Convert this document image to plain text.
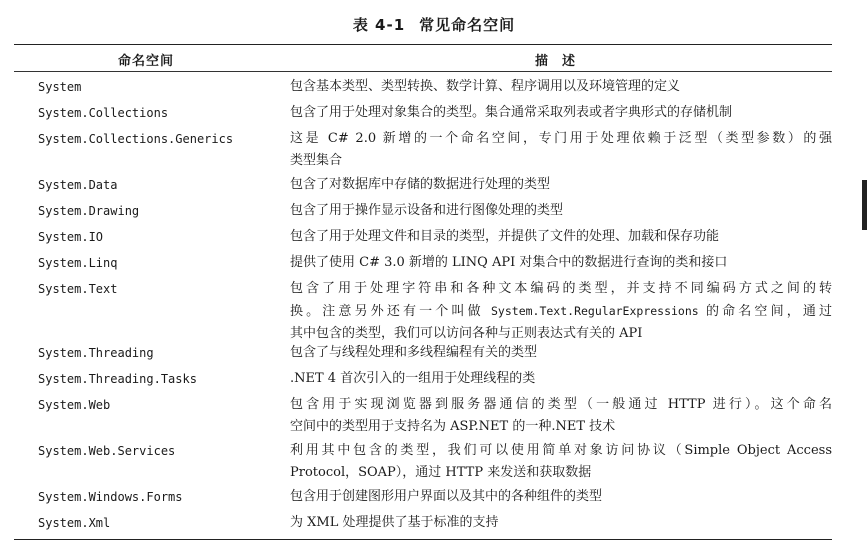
表 4-1 常见命名空间
命名空间	描述
System	包含基本类型、类型转换、数学计算、程序调用以及环境管理的定义
System.Collections	包含了用于处理对象集合的类型。集合通常采取列表或者字典形式的存储机制
System.Collections.Generics	这是 C# 2.0 新增的一个命名空间，专门用于处理依赖于泛型（类型参数）的强
类型集合
System.Data	包含了对数据库中存储的数据进行处理的类型
System.Drawing	包含了用于操作显示设备和进行图像处理的类型
System.IO	包含了用于处理文件和目录的类型，并提供了文件的处理、加载和保存功能
System.Linq	提供了使用 C# 3.0 新增的 LINQ API 对集合中的数据进行查询的类和接口
System.Text	包含了用于处理字符串和各种文本编码的类型，并支持不同编码方式之间的转
换。注意另外还有一个叫做 System.Text.RegularExpressions 的命名空间，通过
其中包含的类型，我们可以访问各种与正则表达式有关的 API
System.Threading	包含了与线程处理和多线程编程有关的类型
System.Threading.Tasks	.NET 4 首次引入的一组用于处理线程的类
System.Web	包含用于实现浏览器到服务器通信的类型（一般通过 HTTP 进行）。这个命名
空间中的类型用于支持名为 ASP.NET 的一种.NET 技术
System.Web.Services	利用其中包含的类型，我们可以使用简单对象访问协议（Simple Object Access
Protocol，SOAP），通过 HTTP 来发送和获取数据
System.Windows.Forms	包含用于创建图形用户界面以及其中的各种组件的类型
System.Xml	为 XML 处理提供了基于标准的支持
